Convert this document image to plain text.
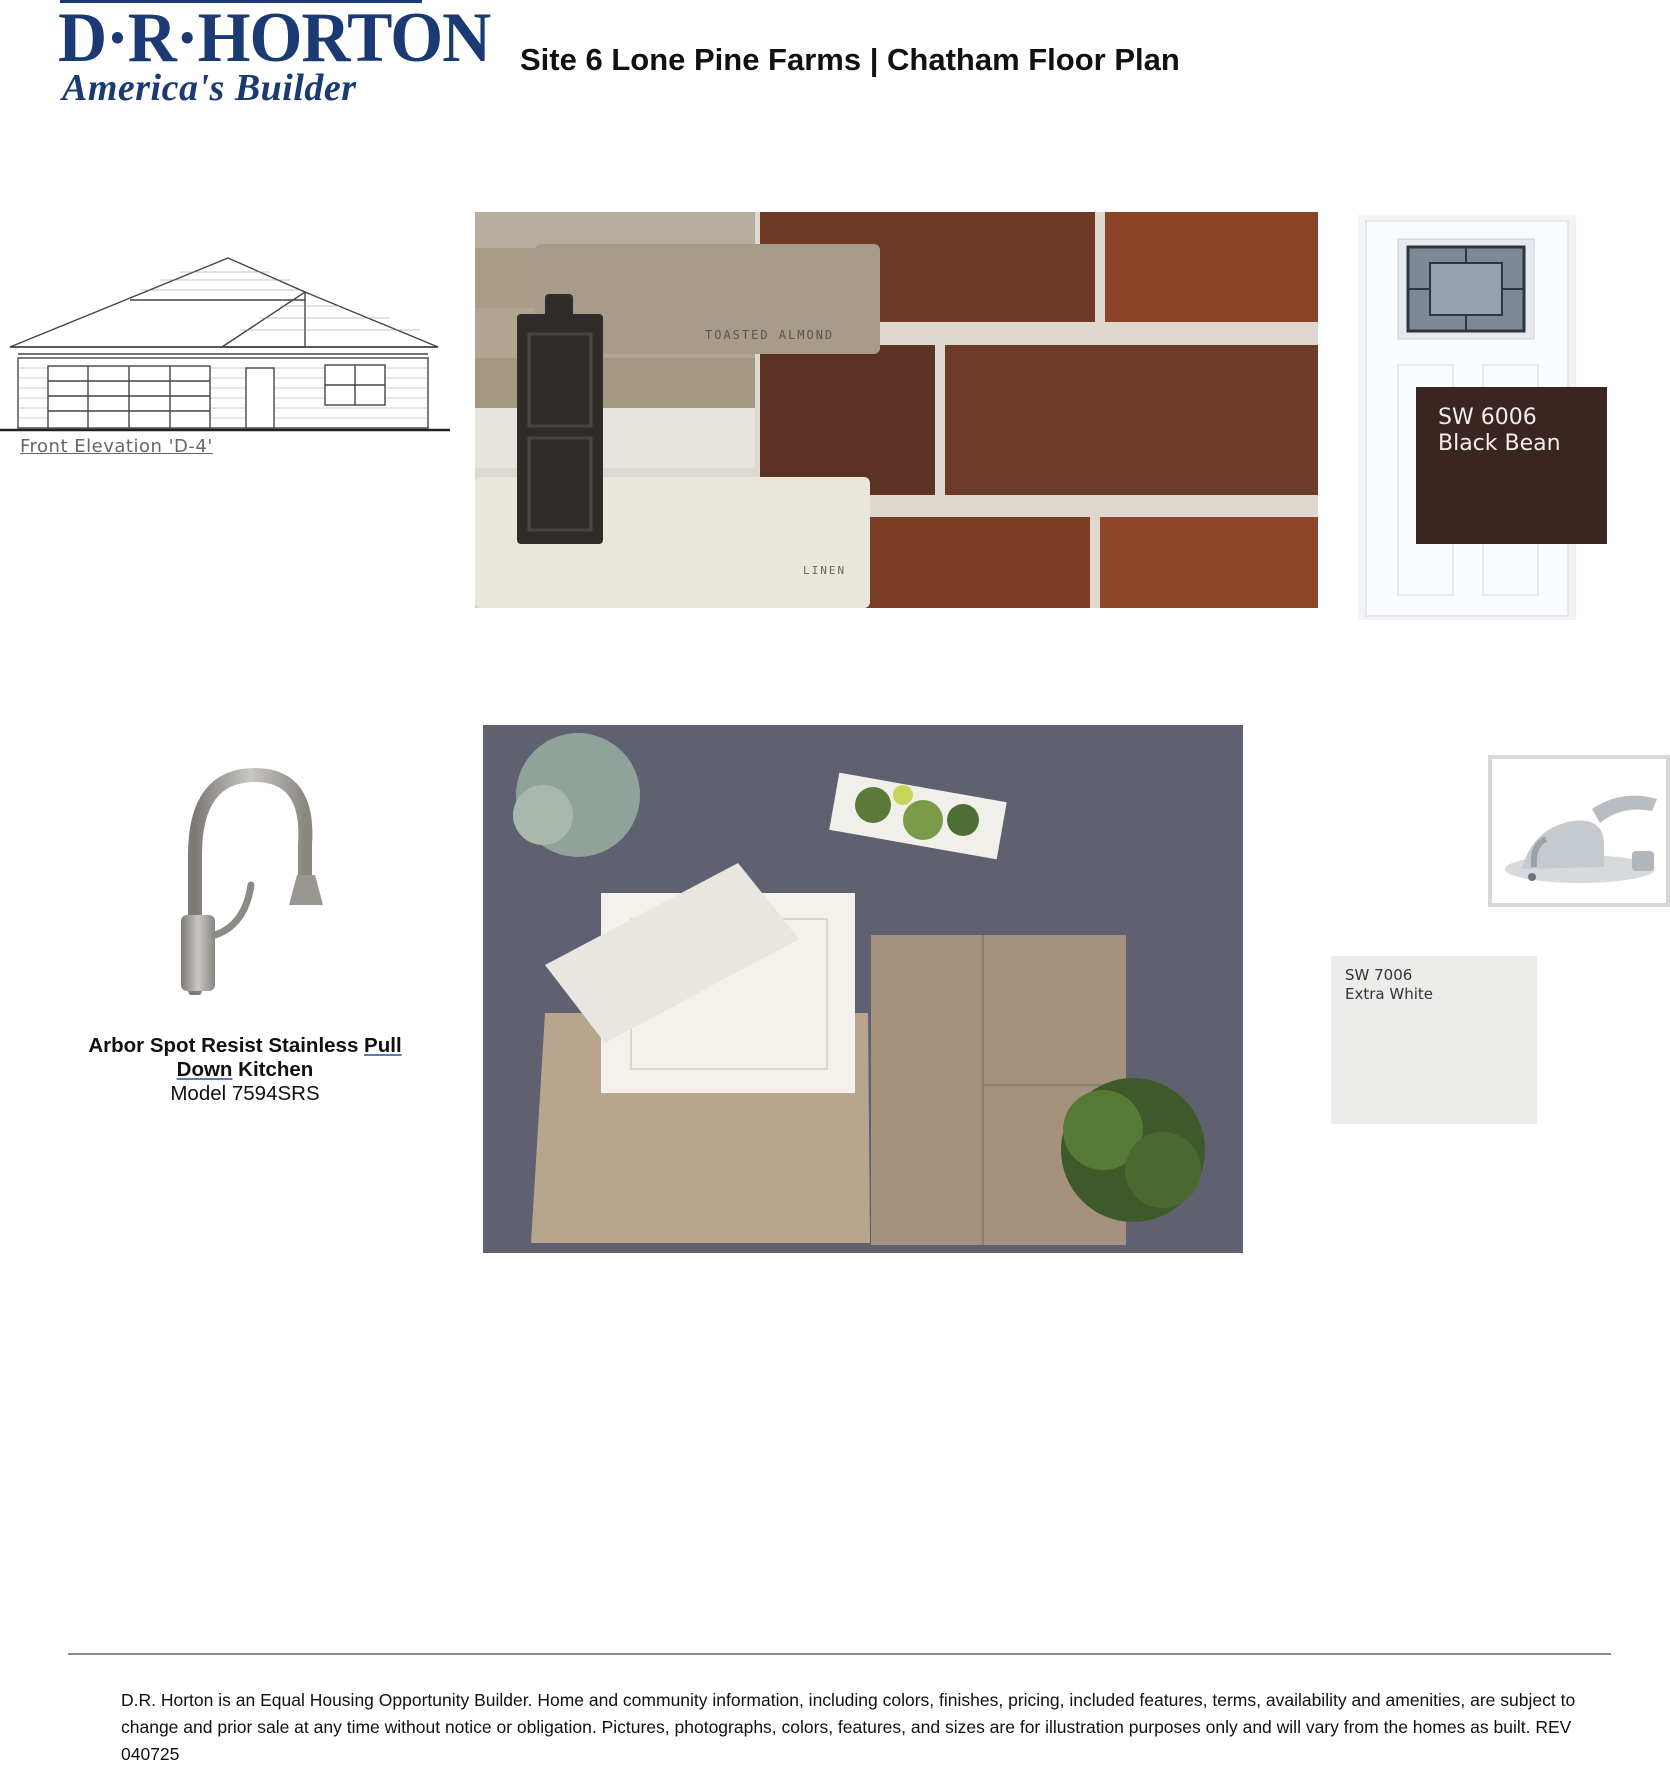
D·R·HORTON
America's Builder
Site 6 Lone Pine Farms | Chatham Floor Plan
Front Elevation 'D-4'
TOASTED ALMOND
LINEN
SW 6006
Black Bean
Arbor Spot Resist Stainless Pull
Down Kitchen
Model 7594SRS
SW 7006
Extra White
D.R. Horton is an Equal Housing Opportunity Builder. Home and community information, including colors, finishes, pricing, included features, terms, availability and amenities, are subject to change and prior sale at any time without notice or obligation. Pictures, photographs, colors, features, and sizes are for illustration purposes only and will vary from the homes as built. REV 040725
